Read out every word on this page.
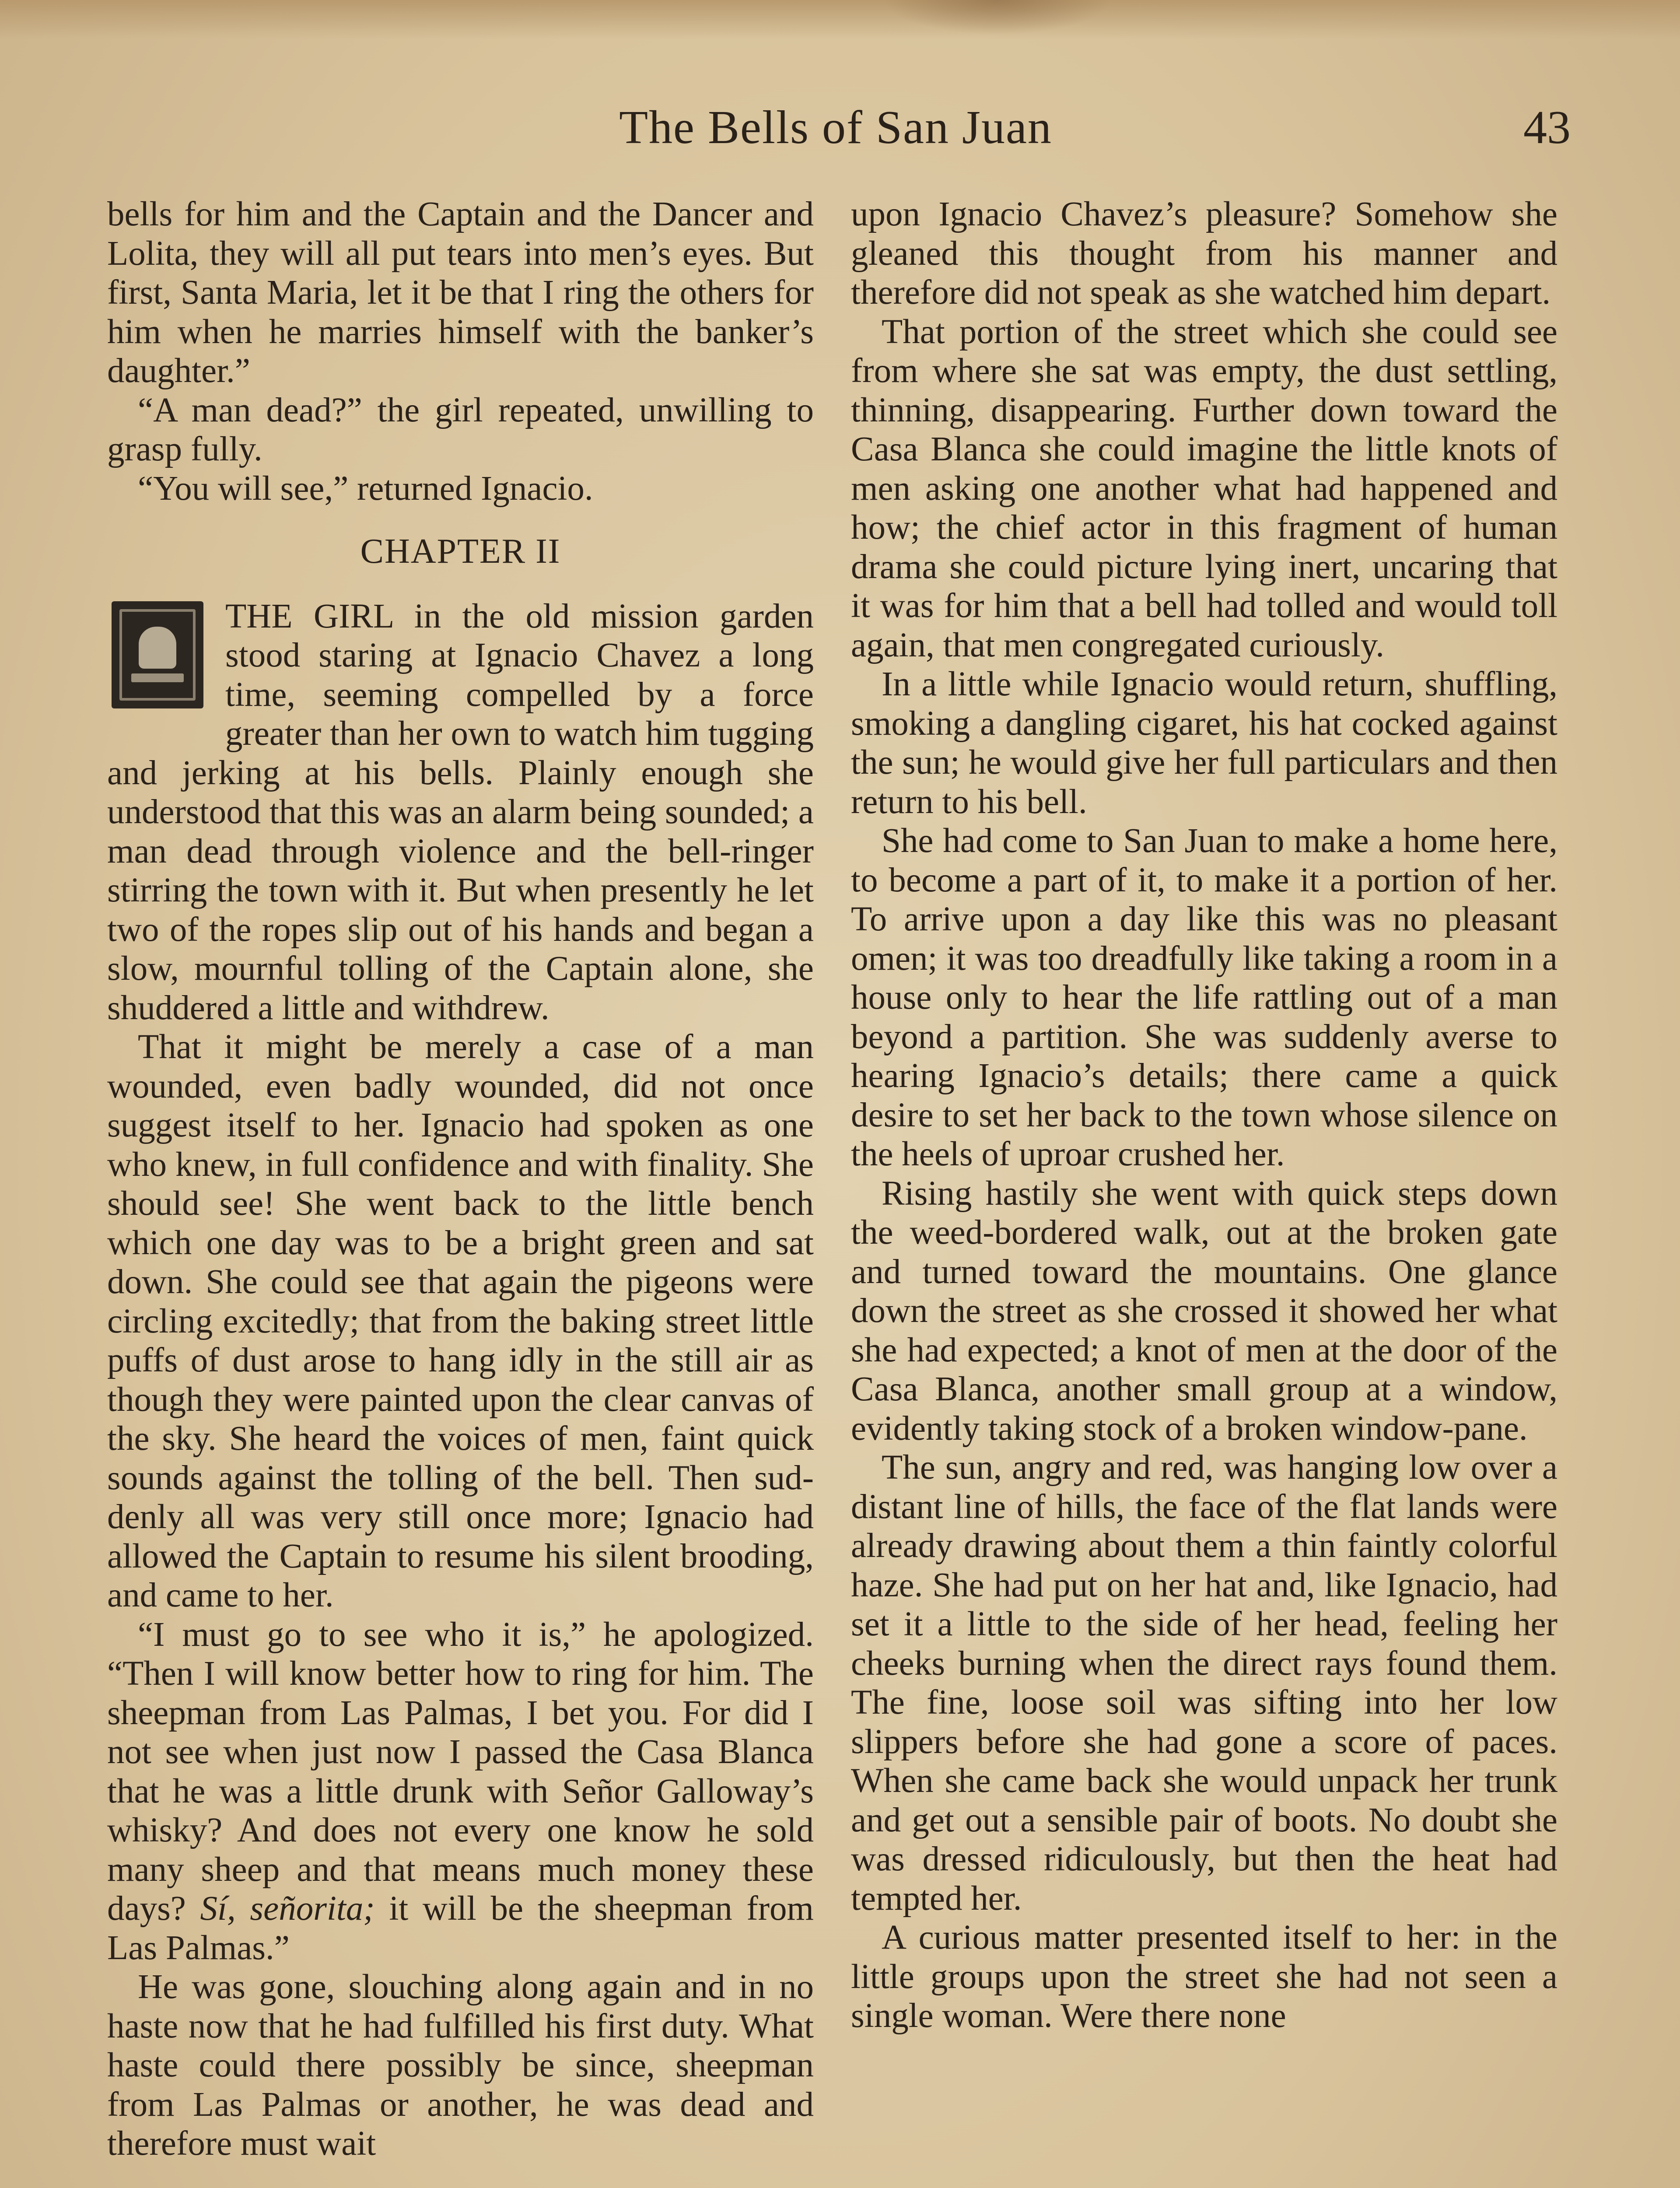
The Bells of San Juan	43

bells for him and the Captain and the Dancer and Lolita, they will all put tears into men’s eyes. But first, Santa Maria, let it be that I ring the others for him when he marries himself with the banker’s daughter.”

“A man dead?” the girl repeated, unwilling to grasp fully.

“You will see,” returned Ignacio.

CHAPTER II

THE GIRL in the old mission garden stood staring at Ignacio Chavez a long time, seeming compelled by a force greater than her own to watch him tugging and jerking at his bells. Plainly enough she understood that this was an alarm being sounded; a man dead through violence and the bell-ringer stirring the town with it. But when presently he let two of the ropes slip out of his hands and began a slow, mournful tolling of the Captain alone, she shuddered a little and withdrew.

That it might be merely a case of a man wounded, even badly wounded, did not once suggest itself to her. Ignacio had spoken as one who knew, in full confidence and with finality. She should see! She went back to the little bench which one day was to be a bright green and sat down. She could see that again the pigeons were circling excitedly; that from the baking street little puffs of dust arose to hang idly in the still air as though they were painted upon the clear canvas of the sky. She heard the voices of men, faint quick sounds against the tolling of the bell. Then suddenly all was very still once more; Ignacio had allowed the Captain to resume his silent brooding, and came to her.

“I must go to see who it is,” he apologized. “Then I will know better how to ring for him. The sheepman from Las Palmas, I bet you. For did I not see when just now I passed the Casa Blanca that he was a little drunk with Señor Galloway’s whisky? And does not every one know he sold many sheep and that means much money these days? Sí, señorita; it will be the sheepman from Las Palmas.”

He was gone, slouching along again and in no haste now that he had fulfilled his first duty. What haste could there possibly be since, sheepman from Las Palmas or another, he was dead and therefore must wait

upon Ignacio Chavez’s pleasure? Somehow she gleaned this thought from his manner and therefore did not speak as she watched him depart.

That portion of the street which she could see from where she sat was empty, the dust settling, thinning, disappearing. Further down toward the Casa Blanca she could imagine the little knots of men asking one another what had happened and how; the chief actor in this fragment of human drama she could picture lying inert, uncaring that it was for him that a bell had tolled and would toll again, that men congregated curiously.

In a little while Ignacio would return, shuffling, smoking a dangling cigaret, his hat cocked against the sun; he would give her full particulars and then return to his bell.

She had come to San Juan to make a home here, to become a part of it, to make it a portion of her. To arrive upon a day like this was no pleasant omen; it was too dreadfully like taking a room in a house only to hear the life rattling out of a man beyond a partition. She was suddenly averse to hearing Ignacio’s details; there came a quick desire to set her back to the town whose silence on the heels of uproar crushed her.

Rising hastily she went with quick steps down the weed-bordered walk, out at the broken gate and turned toward the mountains. One glance down the street as she crossed it showed her what she had expected; a knot of men at the door of the Casa Blanca, another small group at a window, evidently taking stock of a broken window-pane.

The sun, angry and red, was hanging low over a distant line of hills, the face of the flat lands were already drawing about them a thin faintly colorful haze. She had put on her hat and, like Ignacio, had set it a little to the side of her head, feeling her cheeks burning when the direct rays found them. The fine, loose soil was sifting into her low slippers before she had gone a score of paces. When she came back she would unpack her trunk and get out a sensible pair of boots. No doubt she was dressed ridiculously, but then the heat had tempted her.

A curious matter presented itself to her: in the little groups upon the street she had not seen a single woman. Were there none
